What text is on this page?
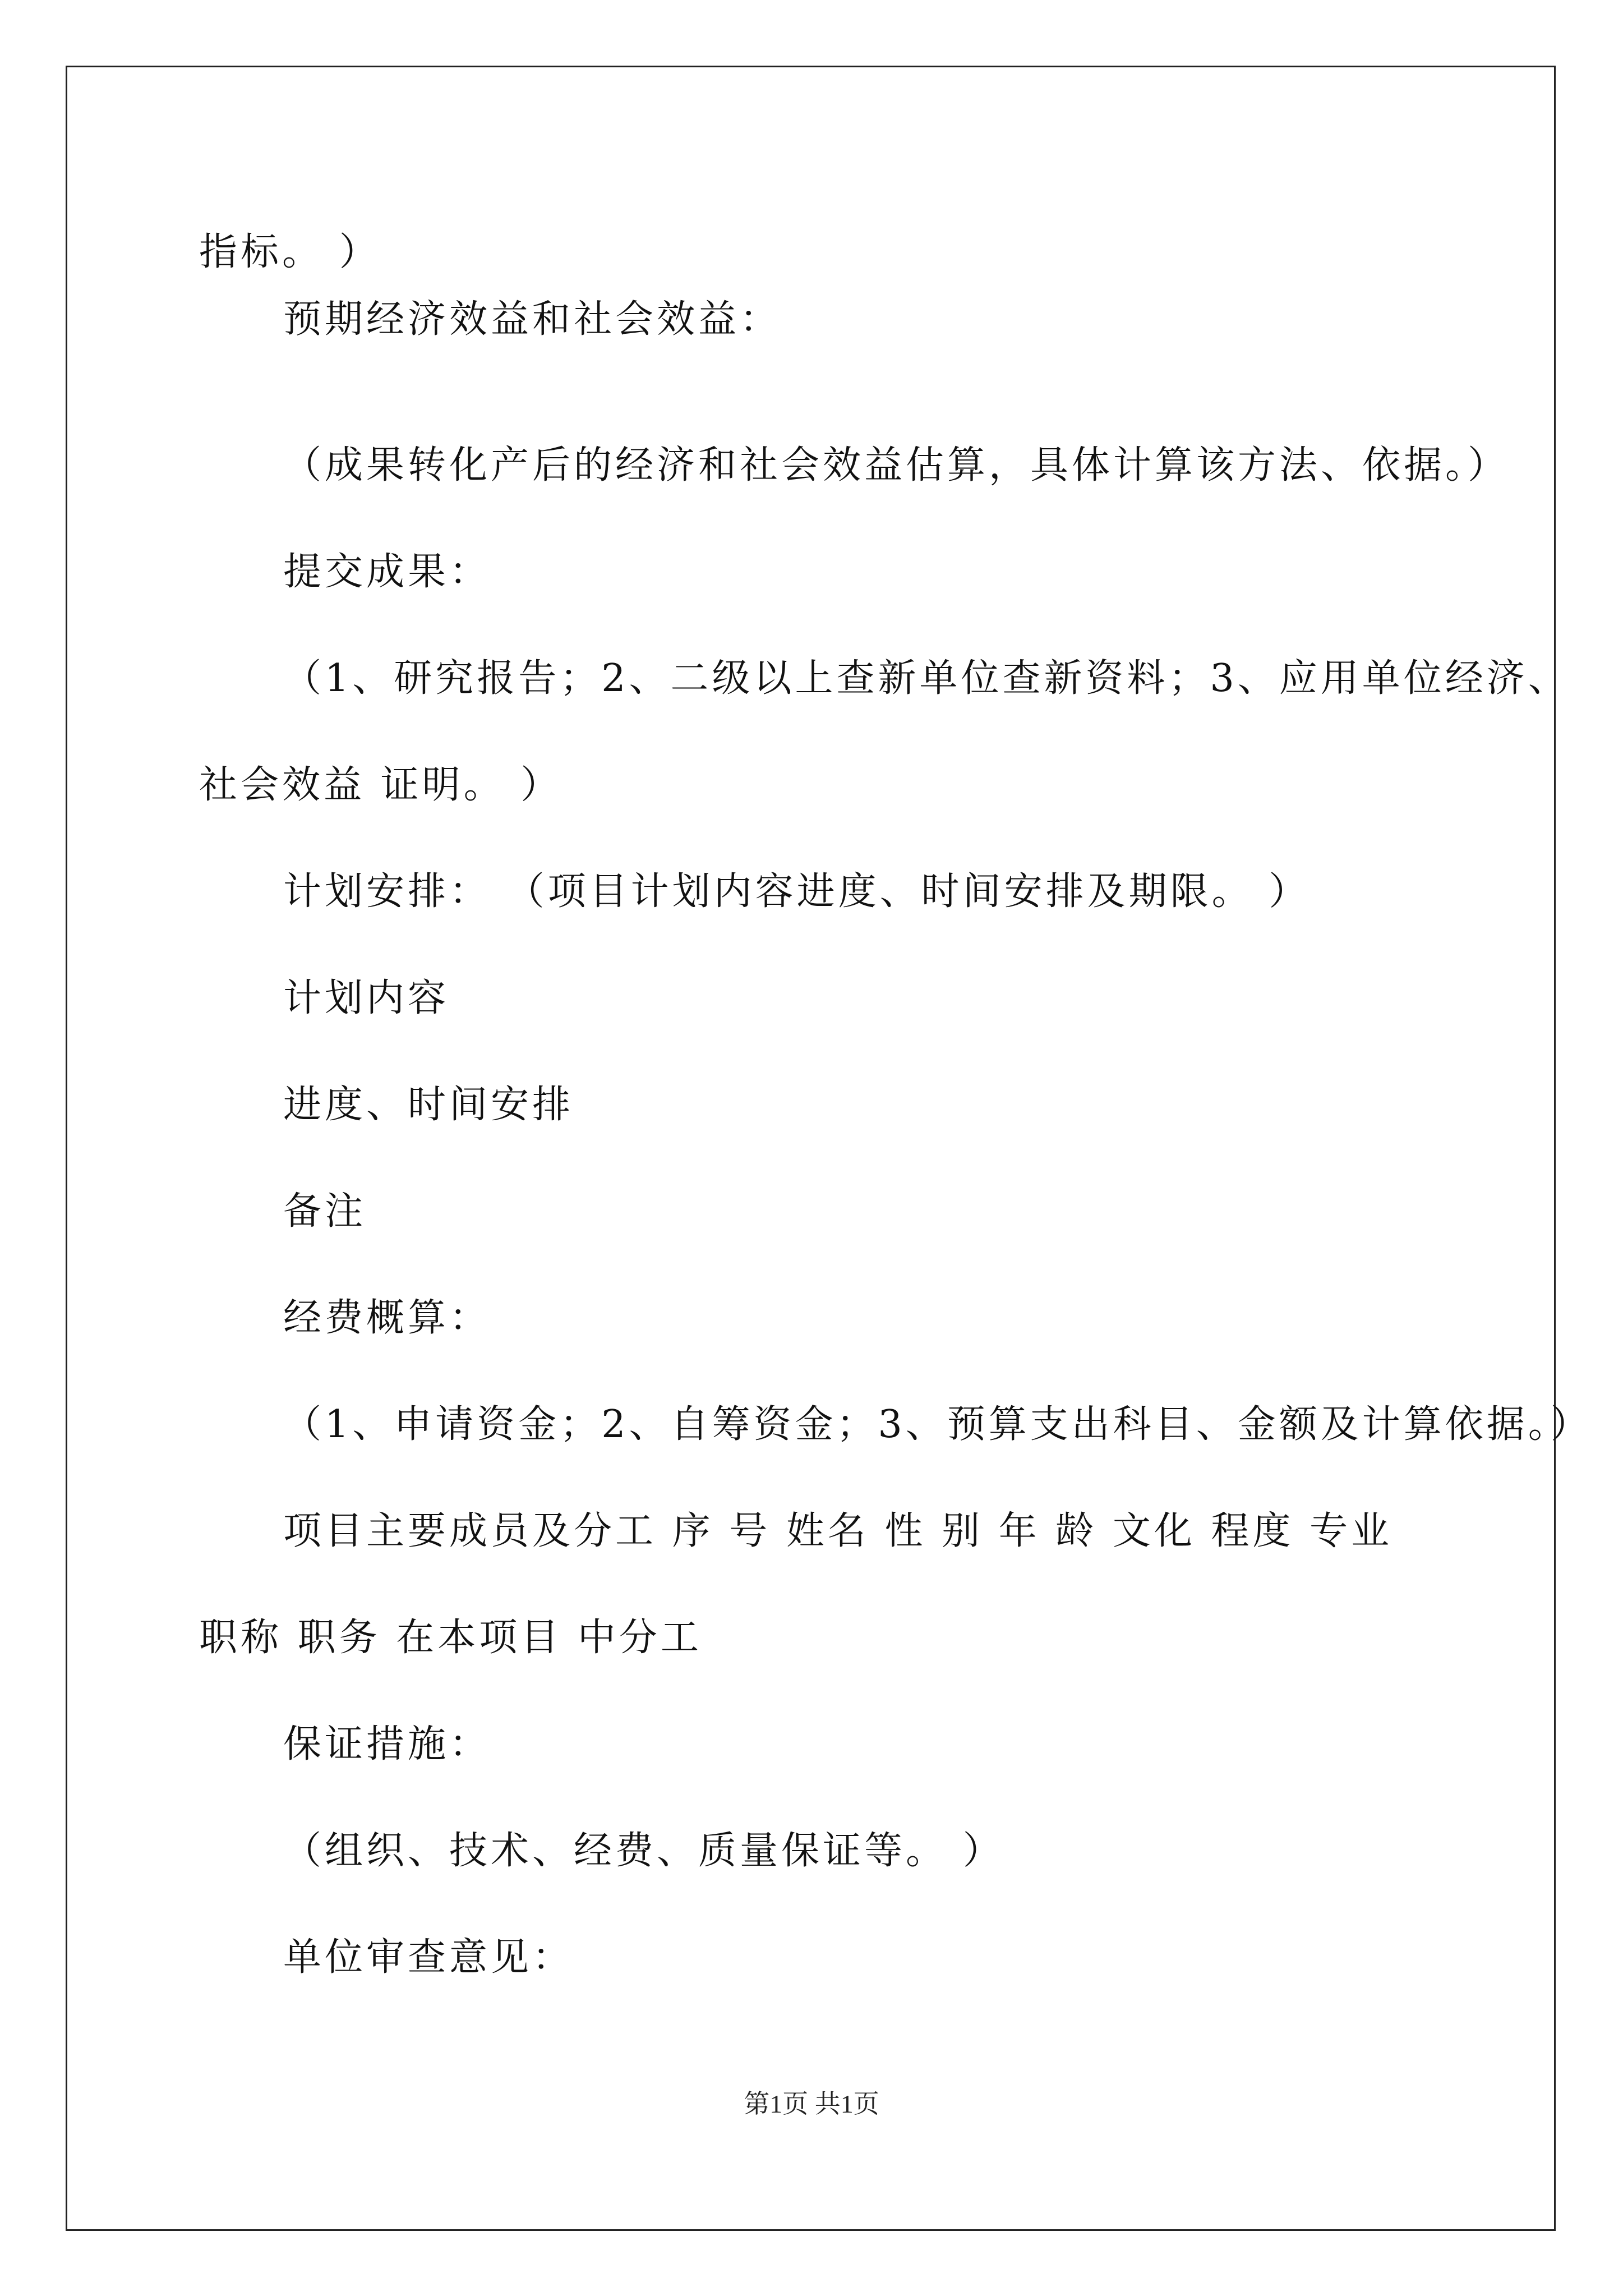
指标。 ）
预期经济效益和社会效益：
（成果转化产后的经济和社会效益估算，具体计算该方法、依据。）
提交成果：
（1、研究报告；2、二级以上查新单位查新资料；3、应用单位经济、
社会效益 证明。 ）
计划安排： （项目计划内容进度、时间安排及期限。 ）
计划内容
进度、时间安排
备注
经费概算：
（1、申请资金；2、自筹资金；3、预算支出科目、金额及计算依据。）
项目主要成员及分工 序 号 姓名 性 别 年 龄 文化 程度 专业
职称 职务 在本项目 中分工
保证措施：
（组织、技术、经费、质量保证等。 ）
单位审查意见：
第1页 共1页
